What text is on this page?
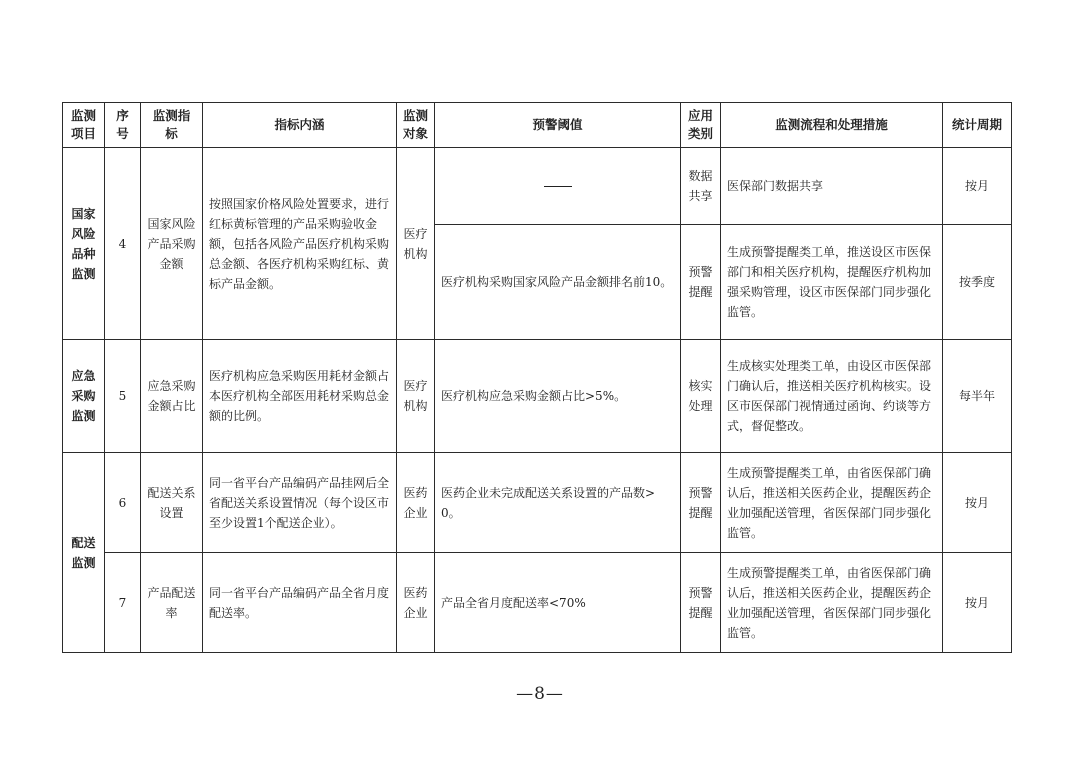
监测项目	序号	监测指标	指标内涵	监测对象	预警阈值	应用类别	监测流程和处理措施	统计周期
国家风险品种监测	4	国家风险产品采购金额	按照国家价格风险处置要求，进行红标黄标管理的产品采购验收金额，包括各风险产品医疗机构采购总金额、各医疗机构采购红标、黄标产品金额。	医疗机构		数据共享	医保部门数据共享	按月
					医疗机构采购国家风险产品金额排名前10。	预警提醒	生成预警提醒类工单，推送设区市医保部门和相关医疗机构，提醒医疗机构加强采购管理，设区市医保部门同步强化监管。	按季度
应急采购监测	5	应急采购金额占比	医疗机构应急采购医用耗材金额占本医疗机构全部医用耗材采购总金额的比例。	医疗机构	医疗机构应急采购金额占比>5%。	核实处理	生成核实处理类工单，由设区市医保部门确认后，推送相关医疗机构核实。设区市医保部门视情通过函询、约谈等方式，督促整改。	每半年
配送监测	6	配送关系设置	同一省平台产品编码产品挂网后全省配送关系设置情况（每个设区市至少设置1个配送企业）。	医药企业	医药企业未完成配送关系设置的产品数>0。	预警提醒	生成预警提醒类工单，由省医保部门确认后，推送相关医药企业，提醒医药企业加强配送管理，省医保部门同步强化监管。	按月
	7	产品配送率	同一省平台产品编码产品全省月度配送率。	医药企业	产品全省月度配送率<70%	预警提醒	生成预警提醒类工单，由省医保部门确认后，推送相关医药企业，提醒医药企业加强配送管理，省医保部门同步强化监管。	按月
—8—
